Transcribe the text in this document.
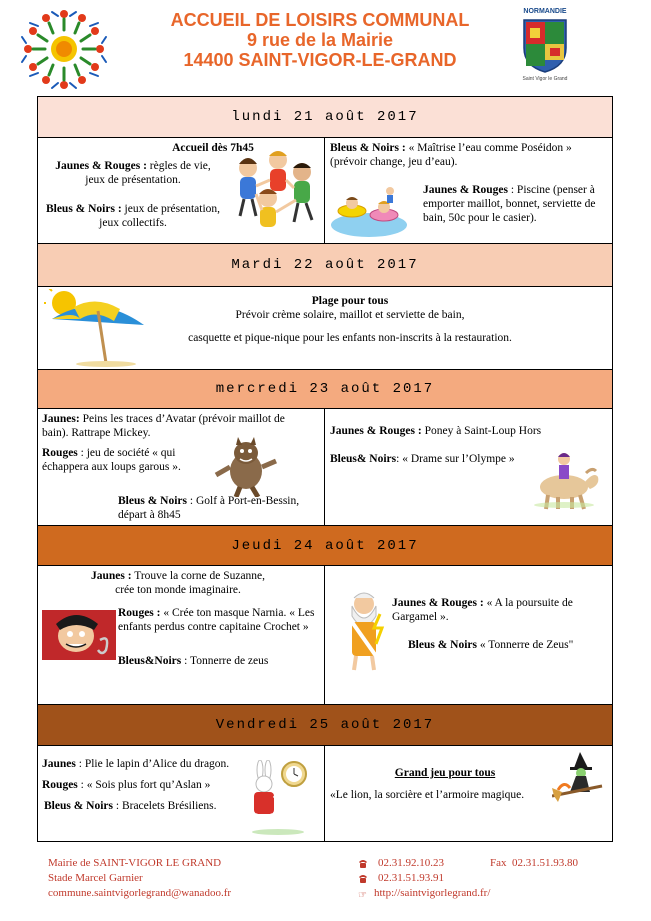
ACCUEIL DE LOISIRS COMMUNAL
9 rue de la Mairie
14400 SAINT-VIGOR-LE-GRAND
NORMANDIE
Saint Vigor le Grand
lundi 21 août 2017
Accueil dès 7h45
Jaunes & Rouges : règles de vie, jeux de présentation.
Bleus & Noirs : jeux de présentation, jeux collectifs.
Bleus & Noirs : « Maîtrise l’eau comme Poséidon » (prévoir change, jeu d’eau).
Jaunes & Rouges : Piscine (penser à emporter maillot, bonnet, serviette de bain, 50c pour le casier).
Mardi 22 août 2017
Plage pour tous
Prévoir crème solaire, maillot et serviette de bain,
casquette et pique-nique pour les enfants non-inscrits à la restauration.
mercredi 23 août 2017
Jaunes: Peins les traces d’Avatar (prévoir maillot de bain). Rattrape Mickey.
Rouges : jeu de société « qui échappera aux loups garous ».
Bleus & Noirs : Golf à Port-en-Bessin, départ à 8h45
Jaunes & Rouges : Poney à Saint-Loup Hors
Bleus& Noirs: « Drame sur l’Olympe »
Jeudi 24 août 2017
Jaunes : Trouve la corne de Suzanne, crée ton monde imaginaire.
Rouges : « Crée ton masque Narnia. « Les enfants perdus contre capitaine Crochet »
Bleus&Noirs : Tonnerre de zeus
Jaunes & Rouges : « A la poursuite de Gargamel ».
Bleus & Noirs « Tonnerre de Zeus"
Vendredi 25 août 2017
Jaunes : Plie le lapin d’Alice du dragon.
Rouges : « Sois plus fort qu’Aslan »
Bleus & Noirs : Bracelets Brésiliens.
Grand jeu pour tous
«Le lion, la sorcière et l’armoire magique.
Mairie de SAINT-VIGOR LE GRAND
Stade Marcel Garnier
commune.saintvigorlegrand@wanadoo.fr
02.31.92.10.23	Fax 02.31.51.93.80
02.31.51.93.91
☞ http://saintvigorlegrand.fr/
